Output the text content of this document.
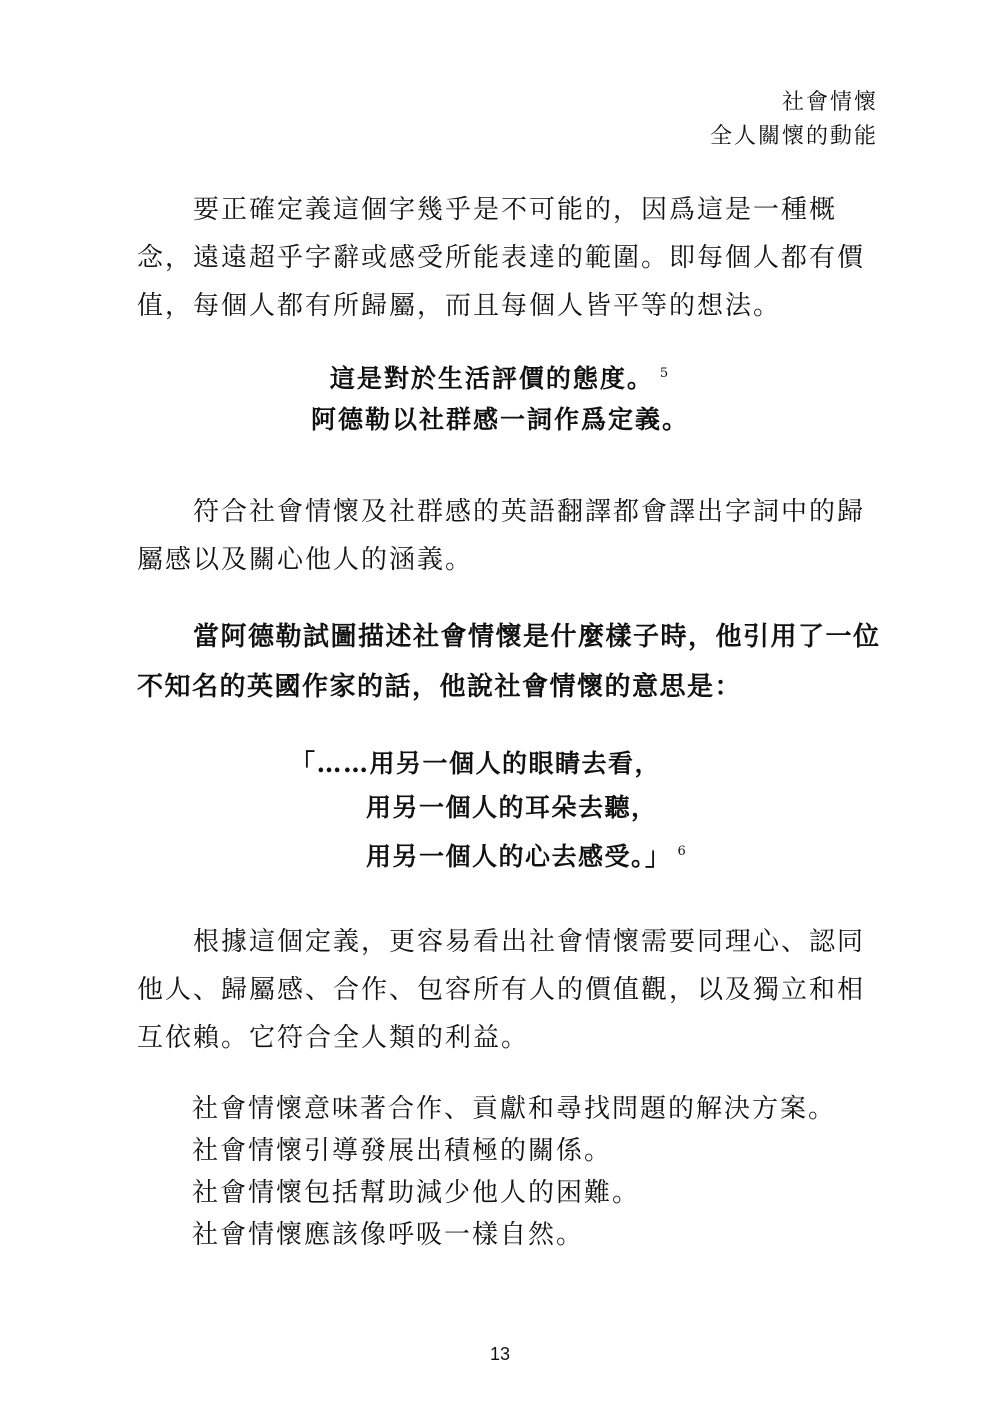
社會情懷
全人關懷的動能

要正確定義這個字幾乎是不可能的，因爲這是一種概念，遠遠超乎字辭或感受所能表達的範圍。即每個人都有價值，每個人都有所歸屬，而且每個人皆平等的想法。

這是對於生活評價的態度。 $^5$
阿德勒以社群感一詞作爲定義。

符合社會情懷及社群感的英語翻譯都會譯出字詞中的歸屬感以及關心他人的涵義。

當阿德勒試圖描述社會情懷是什麼樣子時，他引用了一位不知名的英國作家的話，他說社會情懷的意思是：

「……用另一個人的眼睛去看，
用另一個人的耳朵去聽，
用另一個人的心去感受。」 $^6$

根據這個定義，更容易看出社會情懷需要同理心、認同他人、歸屬感、合作、包容所有人的價值觀，以及獨立和相互依賴。它符合全人類的利益。

社會情懷意味著合作、貢獻和尋找問題的解決方案。
社會情懷引導發展出積極的關係。
社會情懷包括幫助減少他人的困難。
社會情懷應該像呼吸一樣自然。
13
